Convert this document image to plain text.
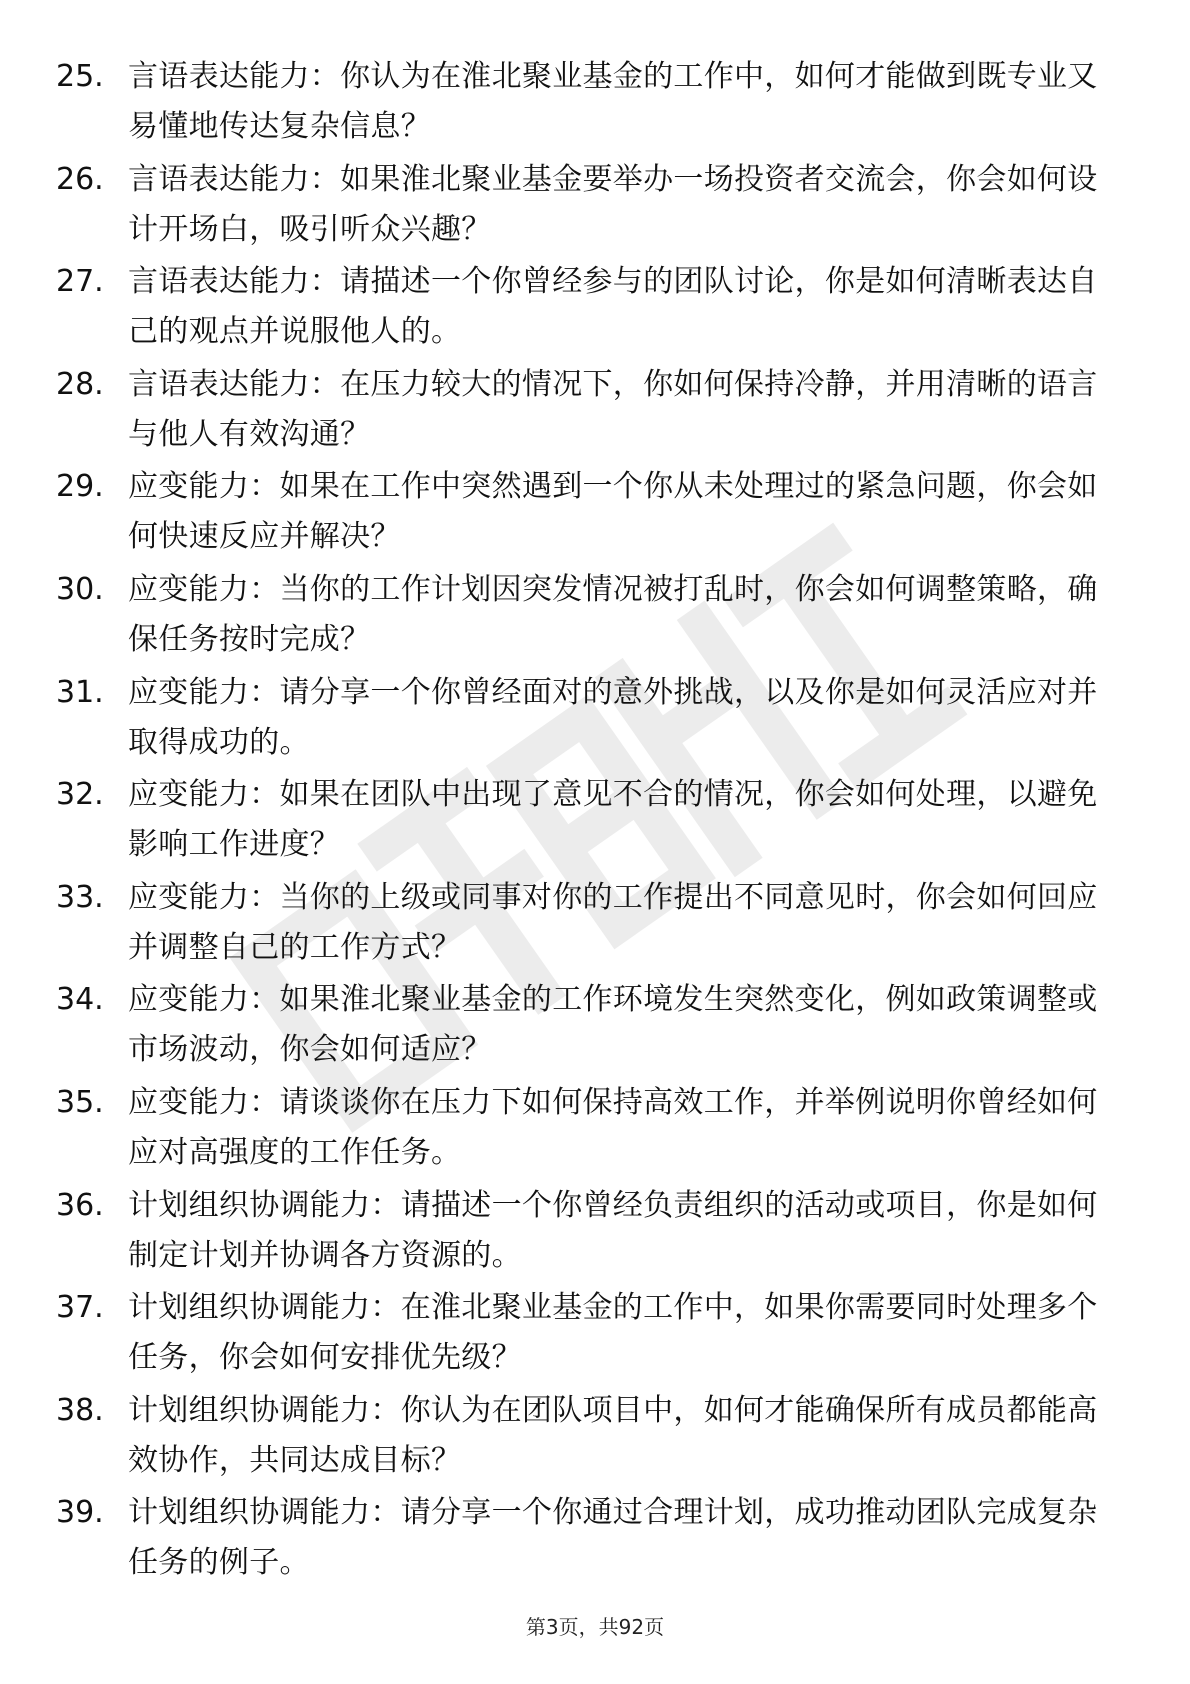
25. 言语表达能力：你认为在淮北聚业基金的工作中，如何才能做到既专业又易懂地传达复杂信息？
26. 言语表达能力：如果淮北聚业基金要举办一场投资者交流会，你会如何设计开场白，吸引听众兴趣？
27. 言语表达能力：请描述一个你曾经参与的团队讨论，你是如何清晰表达自己的观点并说服他人的。
28. 言语表达能力：在压力较大的情况下，你如何保持冷静，并用清晰的语言与他人有效沟通？
29. 应变能力：如果在工作中突然遇到一个你从未处理过的紧急问题，你会如何快速反应并解决？
30. 应变能力：当你的工作计划因突发情况被打乱时，你会如何调整策略，确保任务按时完成？
31. 应变能力：请分享一个你曾经面对的意外挑战，以及你是如何灵活应对并取得成功的。
32. 应变能力：如果在团队中出现了意见不合的情况，你会如何处理，以避免影响工作进度？
33. 应变能力：当你的上级或同事对你的工作提出不同意见时，你会如何回应并调整自己的工作方式？
34. 应变能力：如果淮北聚业基金的工作环境发生突然变化，例如政策调整或市场波动，你会如何适应？
35. 应变能力：请谈谈你在压力下如何保持高效工作，并举例说明你曾经如何应对高强度的工作任务。
36. 计划组织协调能力：请描述一个你曾经负责组织的活动或项目，你是如何制定计划并协调各方资源的。
37. 计划组织协调能力：在淮北聚业基金的工作中，如果你需要同时处理多个任务，你会如何安排优先级？
38. 计划组织协调能力：你认为在团队项目中，如何才能确保所有成员都能高效协作，共同达成目标？
39. 计划组织协调能力：请分享一个你通过合理计划，成功推动团队完成复杂任务的例子。
第3页，共92页
